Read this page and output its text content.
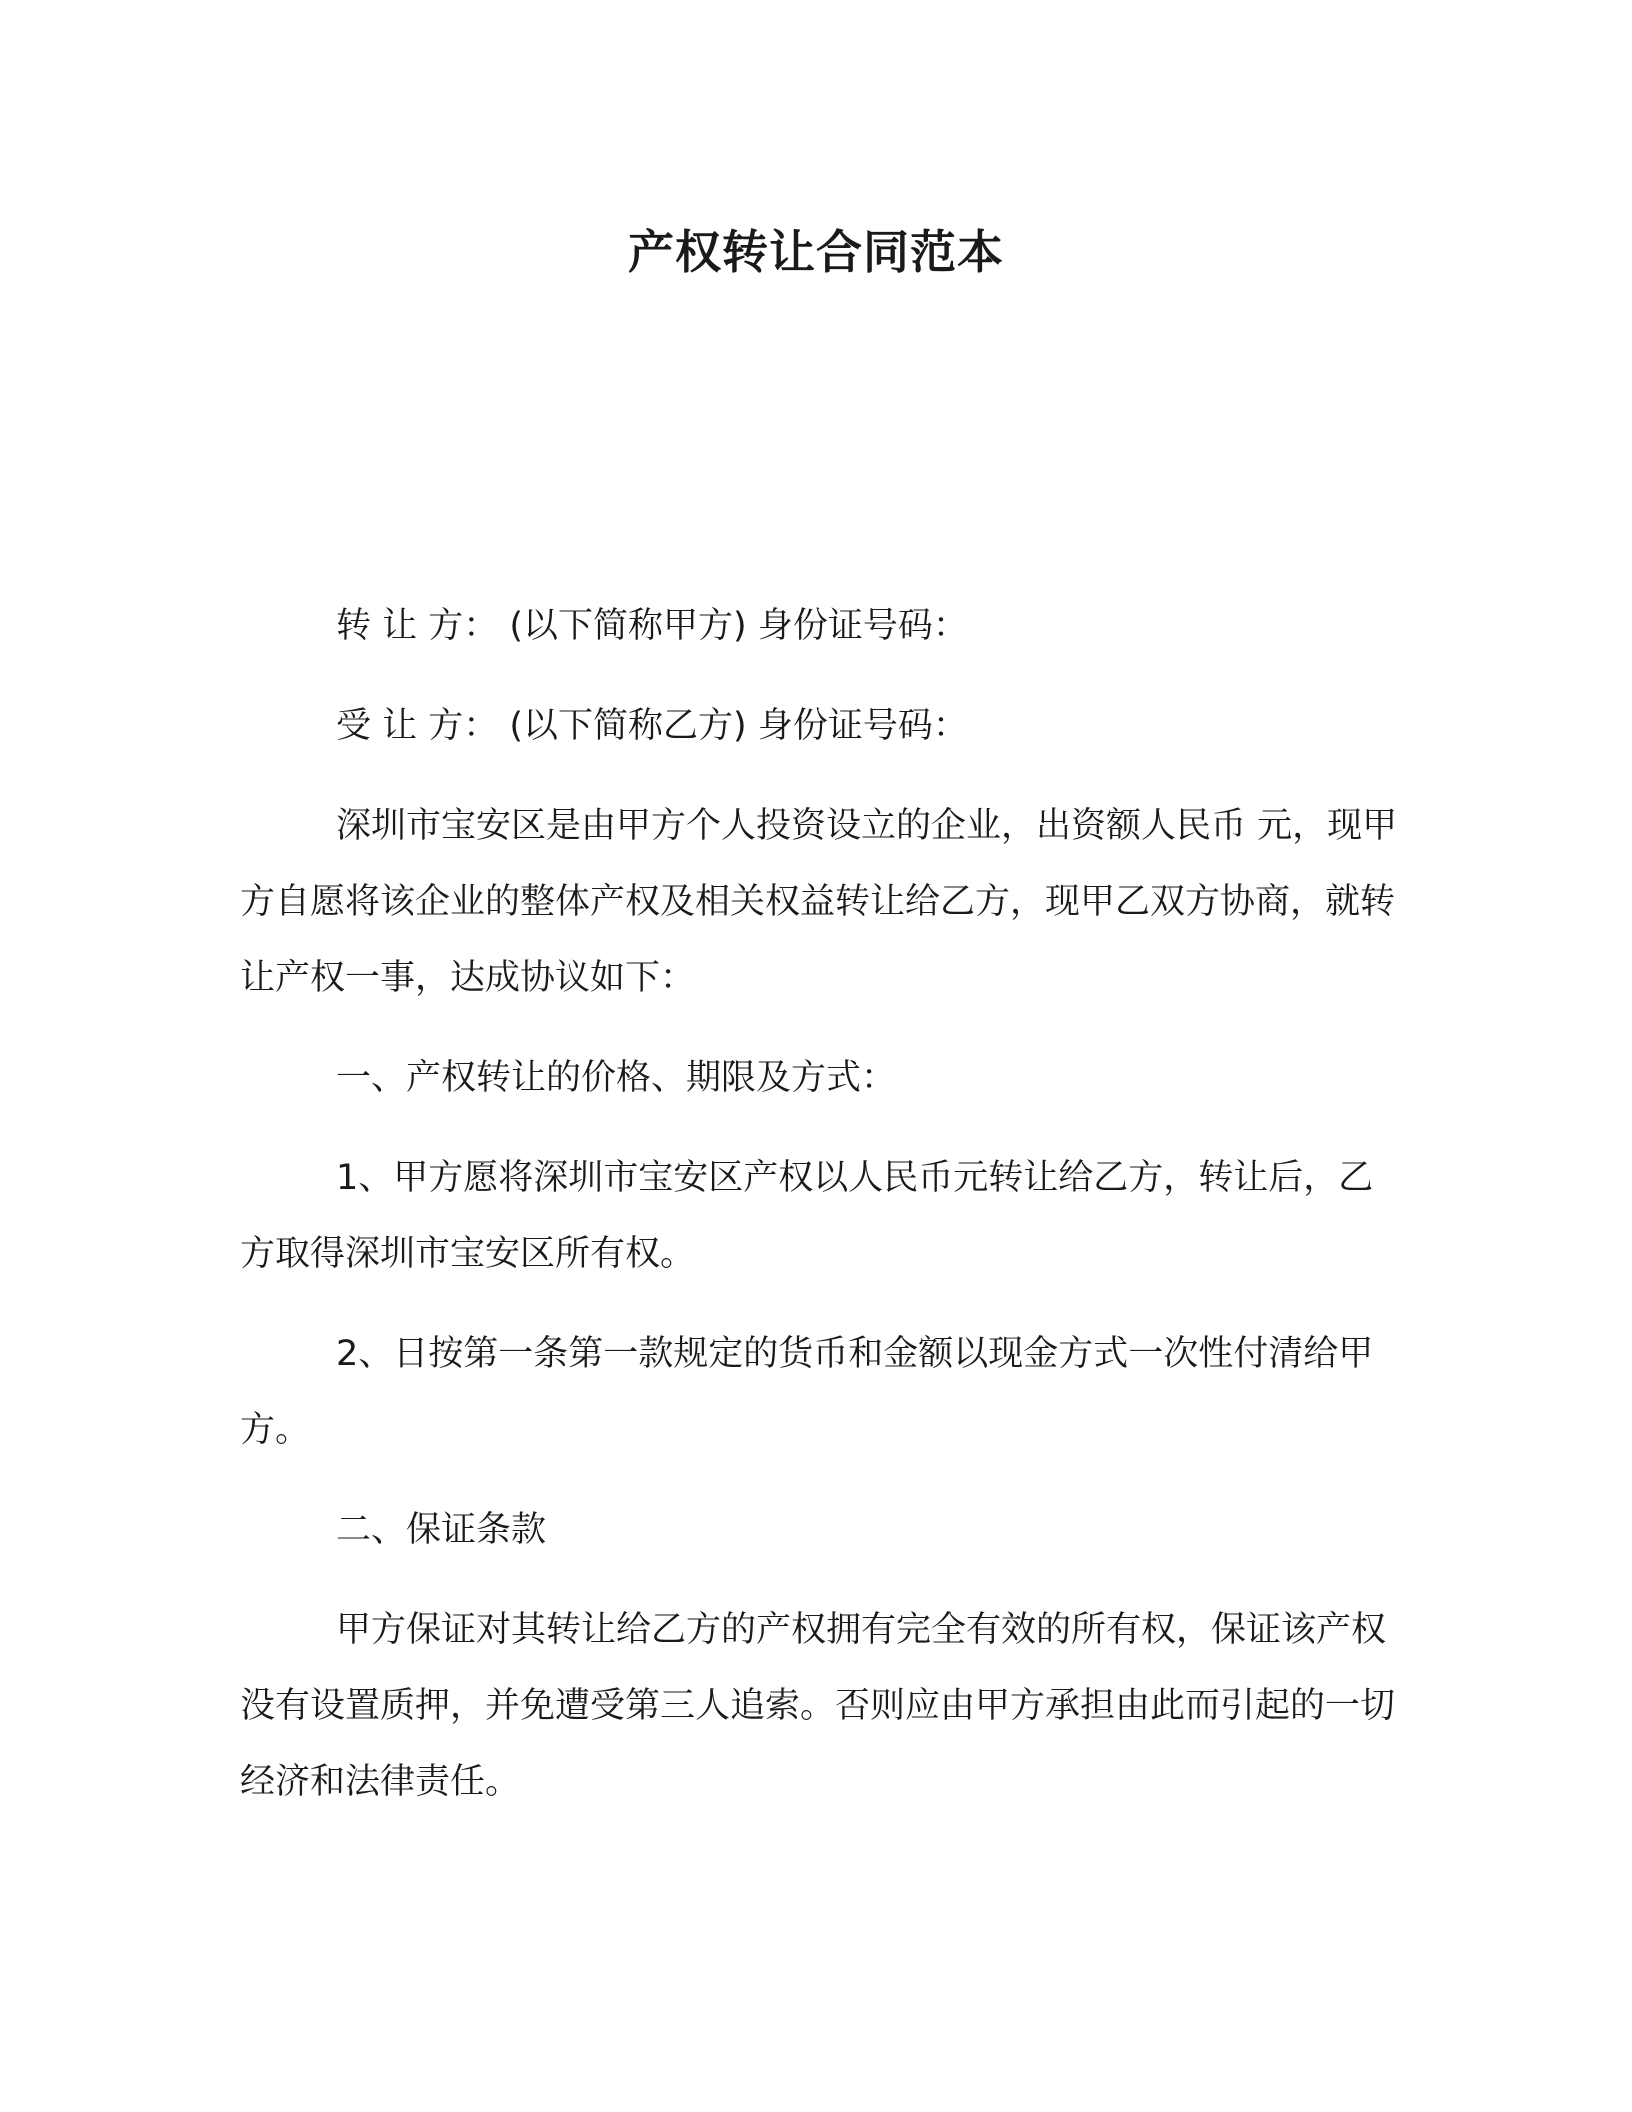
产权转让合同范本

转 让 方： (以下简称甲方) 身份证号码：

受 让 方： (以下简称乙方) 身份证号码：

深圳市宝安区是由甲方个人投资设立的企业，出资额人民币 元，现甲方自愿将该企业的整体产权及相关权益转让给乙方，现甲乙双方协商，就转让产权一事，达成协议如下：

一、产权转让的价格、期限及方式：

1、甲方愿将深圳市宝安区产权以人民币元转让给乙方，转让后，乙方取得深圳市宝安区所有权。

2、日按第一条第一款规定的货币和金额以现金方式一次性付清给甲方。

二、保证条款

甲方保证对其转让给乙方的产权拥有完全有效的所有权，保证该产权没有设置质押，并免遭受第三人追索。否则应由甲方承担由此而引起的一切经济和法律责任。
